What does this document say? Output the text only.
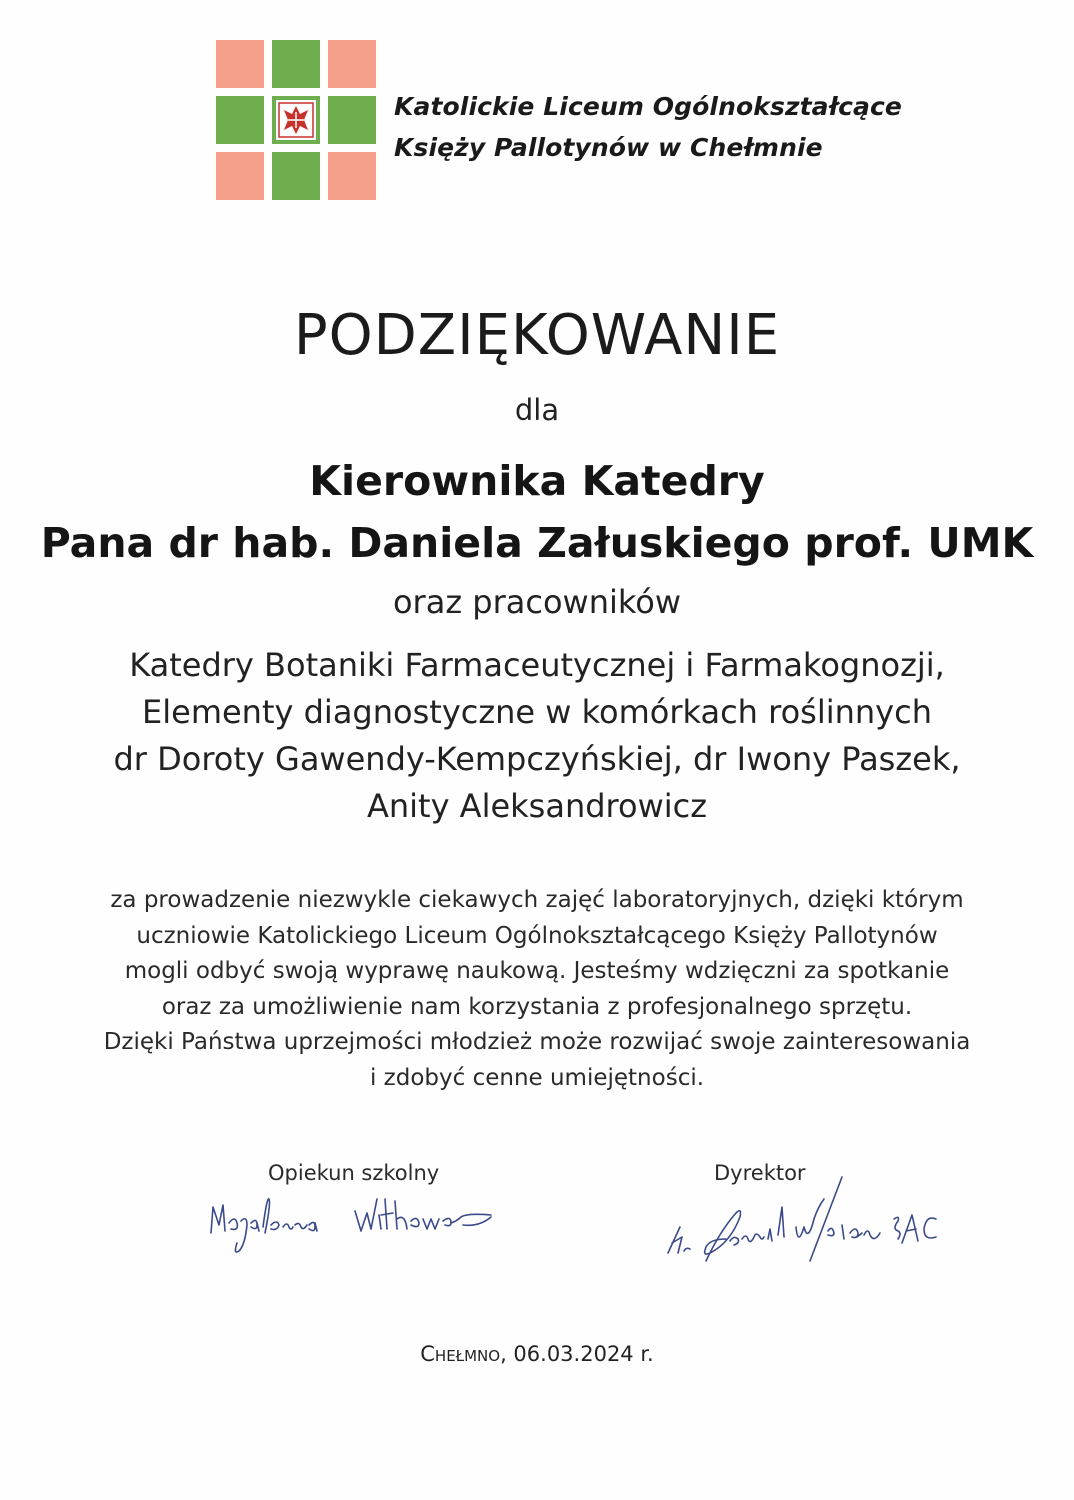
Katolickie Liceum Ogólnokształcące
Księży Pallotynów w Chełmnie
PODZIĘKOWANIE
dla
Kierownika Katedry
Pana dr hab. Daniela Załuskiego prof. UMK
oraz pracowników
Katedry Botaniki Farmaceutycznej i Farmakognozji,
Elementy diagnostyczne w komórkach roślinnych
dr Doroty Gawendy-Kempczyńskiej, dr Iwony Paszek,
Anity Aleksandrowicz
za prowadzenie niezwykle ciekawych zajęć laboratoryjnych, dzięki którym
uczniowie Katolickiego Liceum Ogólnokształcącego Księży Pallotynów
mogli odbyć swoją wyprawę naukową. Jesteśmy wdzięczni za spotkanie
oraz za umożliwienie nam korzystania z profesjonalnego sprzętu.
Dzięki Państwa uprzejmości młodzież może rozwijać swoje zainteresowania
i zdobyć cenne umiejętności.
Opiekun szkolny	Dyrektor
Chełmno, 06.03.2024 r.
